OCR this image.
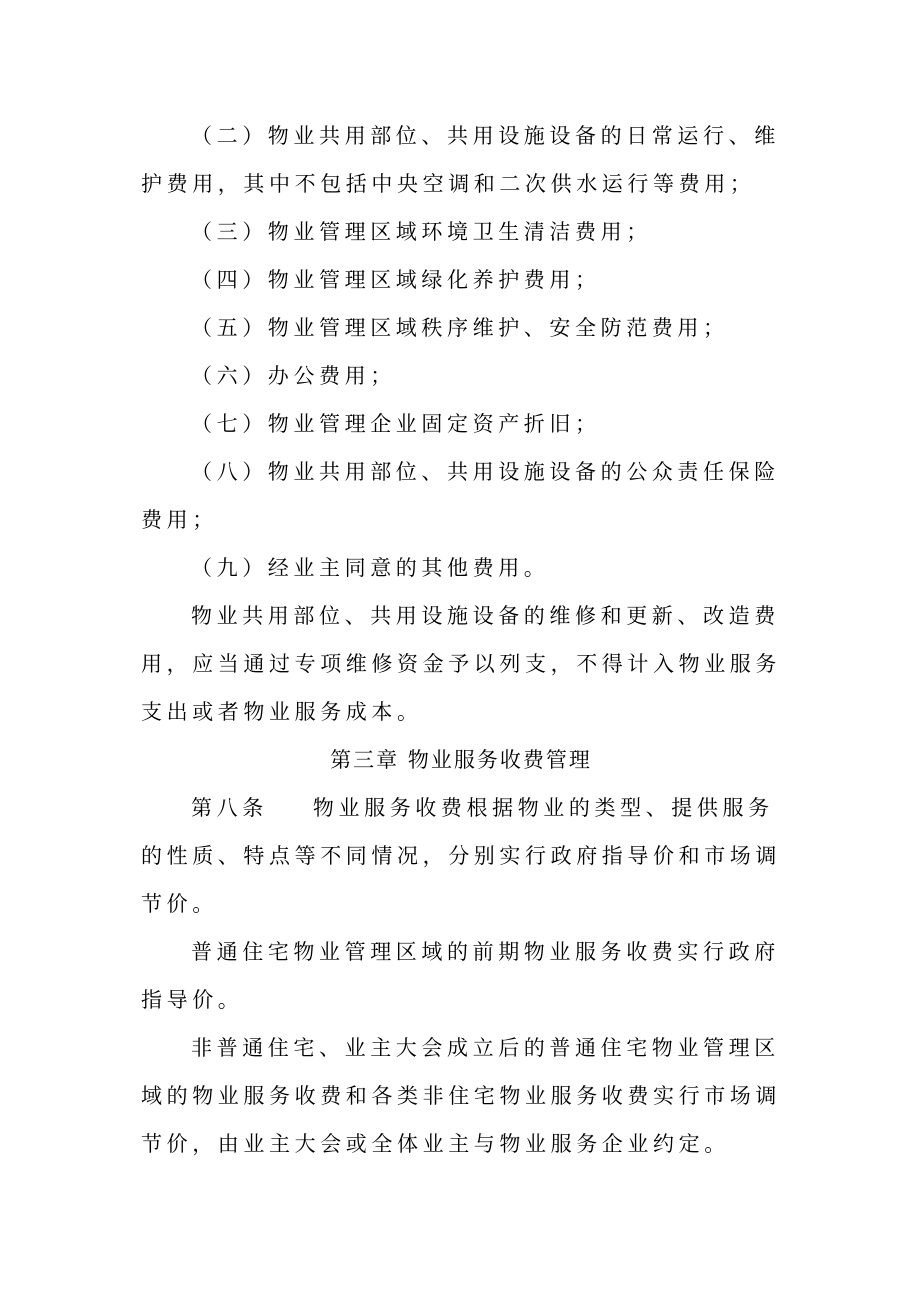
（二）物业共用部位、共用设施设备的日常运行、维护费用，其中不包括中央空调和二次供水运行等费用；

（三）物业管理区域环境卫生清洁费用；

（四）物业管理区域绿化养护费用；

（五）物业管理区域秩序维护、安全防范费用；

（六）办公费用；

（七）物业管理企业固定资产折旧；

（八）物业共用部位、共用设施设备的公众责任保险费用；

（九）经业主同意的其他费用。

物业共用部位、共用设施设备的维修和更新、改造费用，应当通过专项维修资金予以列支，不得计入物业服务支出或者物业服务成本。

第三章 物业服务收费管理

第八条    物业服务收费根据物业的类型、提供服务的性质、特点等不同情况，分别实行政府指导价和市场调节价。

普通住宅物业管理区域的前期物业服务收费实行政府指导价。

非普通住宅、业主大会成立后的普通住宅物业管理区域的物业服务收费和各类非住宅物业服务收费实行市场调节价，由业主大会或全体业主与物业服务企业约定。
